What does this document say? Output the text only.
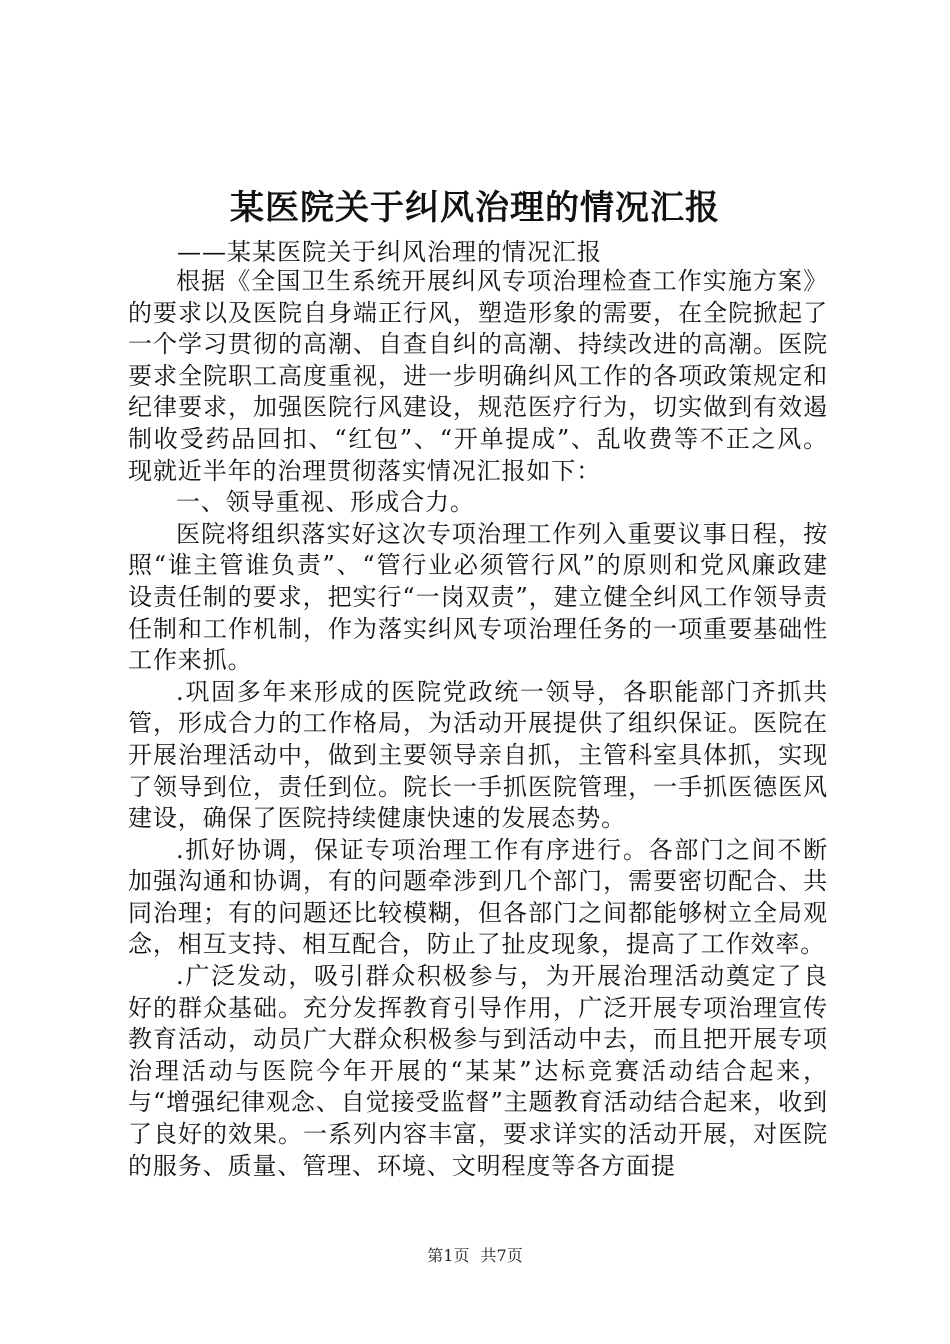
某医院关于纠风治理的情况汇报
——某某医院关于纠风治理的情况汇报

根据《全国卫生系统开展纠风专项治理检查工作实施方案》的要求以及医院自身端正行风，塑造形象的需要，在全院掀起了一个学习贯彻的高潮、自查自纠的高潮、持续改进的高潮。医院要求全院职工高度重视，进一步明确纠风工作的各项政策规定和纪律要求，加强医院行风建设，规范医疗行为，切实做到有效遏制收受药品回扣、“红包”、“开单提成”、乱收费等不正之风。现就近半年的治理贯彻落实情况汇报如下：

一、领导重视、形成合力。

医院将组织落实好这次专项治理工作列入重要议事日程，按照“谁主管谁负责”、“管行业必须管行风”的原则和党风廉政建设责任制的要求，把实行“一岗双责”，建立健全纠风工作领导责任制和工作机制，作为落实纠风专项治理任务的一项重要基础性工作来抓。

.巩固多年来形成的医院党政统一领导，各职能部门齐抓共管，形成合力的工作格局，为活动开展提供了组织保证。医院在开展治理活动中，做到主要领导亲自抓，主管科室具体抓，实现了领导到位，责任到位。院长一手抓医院管理，一手抓医德医风建设，确保了医院持续健康快速的发展态势。

.抓好协调，保证专项治理工作有序进行。各部门之间不断加强沟通和协调，有的问题牵涉到几个部门，需要密切配合、共同治理；有的问题还比较模糊，但各部门之间都能够树立全局观念，相互支持、相互配合，防止了扯皮现象，提高了工作效率。

.广泛发动，吸引群众积极参与，为开展治理活动奠定了良好的群众基础。充分发挥教育引导作用，广泛开展专项治理宣传教育活动，动员广大群众积极参与到活动中去，而且把开展专项治理活动与医院今年开展的“某某”达标竞赛活动结合起来，与“增强纪律观念、自觉接受监督”主题教育活动结合起来，收到了良好的效果。一系列内容丰富，要求详实的活动开展，对医院的服务、质量、管理、环境、文明程度等各方面提

第1页 共7页
